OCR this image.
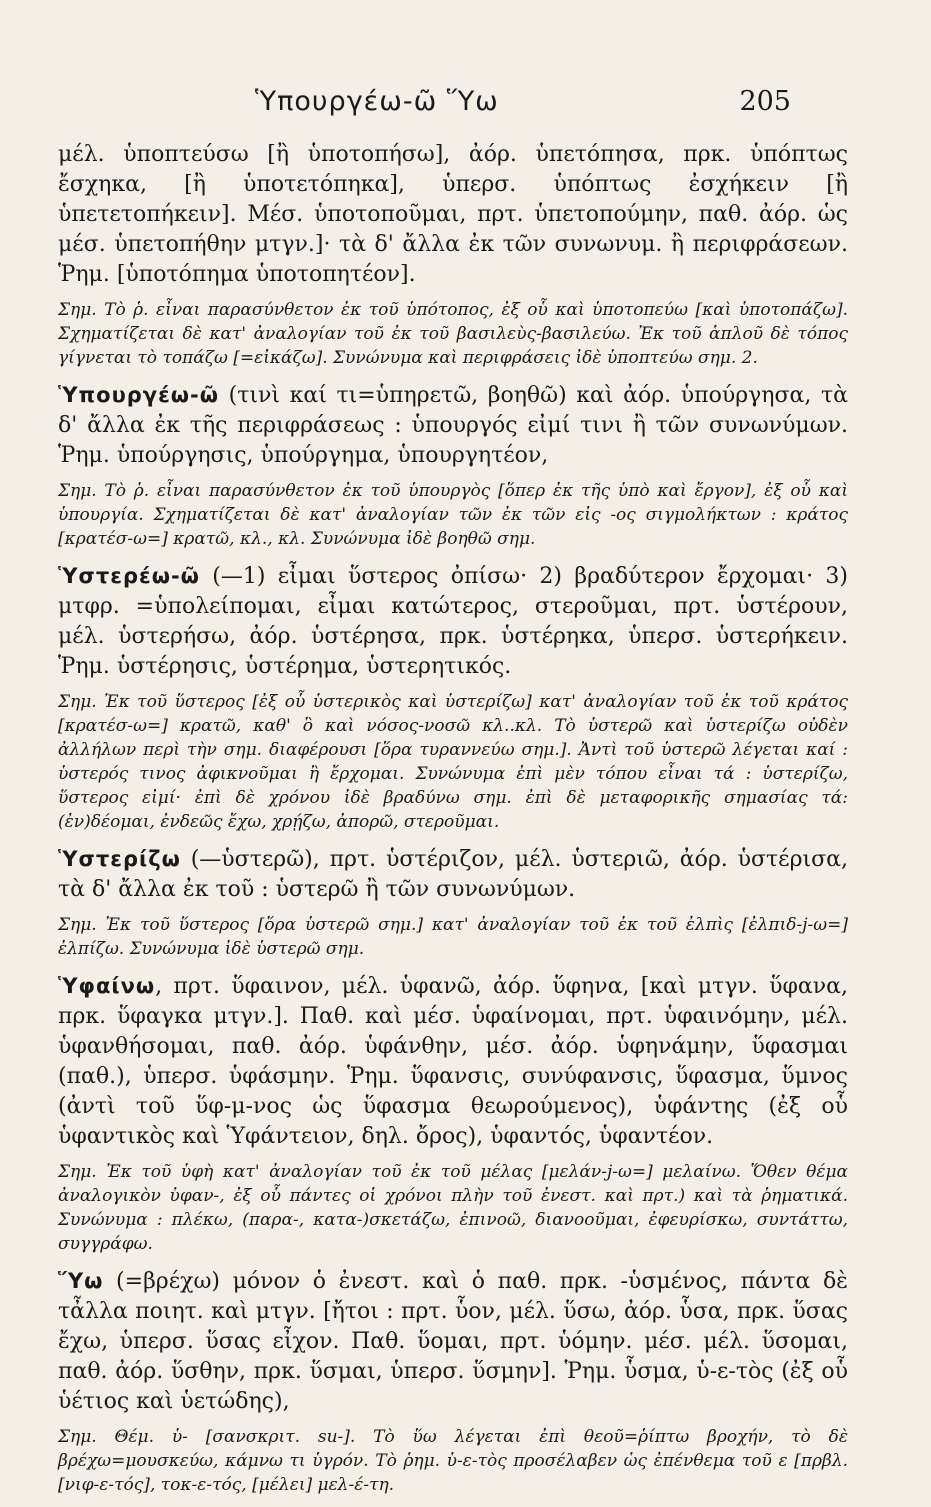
Ὑπουργέω-ῶ Ὕω	205

μέλ. ὑποπτεύσω [ἢ ὑποτοπήσω], ἀόρ. ὑπετόπησα, πρκ. ὑπόπτως ἔσχηκα, [ἢ ὑποτετόπηκα], ὑπερσ. ὑπόπτως ἐσχήκειν [ἢ ὑπετετοπήκειν]. Μέσ. ὑποτοποῦμαι, πρτ. ὑπετοπούμην, παθ. ἀόρ. ὡς μέσ. ὑπετοπήθην μτγν.]· τὰ δ' ἄλλα ἐκ τῶν συνωνυμ. ἢ περιφράσεων. Ῥημ. [ὑποτόπημα ὑποτοπητέον].

Σημ. Τὸ ῥ. εἶναι παρασύνθετον ἐκ τοῦ ὑπότοπος, ἐξ οὗ καὶ ὑποτοπεύω [καὶ ὑποτοπάζω]. Σχηματίζεται δὲ κατ' ἀναλογίαν τοῦ ἐκ τοῦ βασιλεὺς-βασιλεύω. Ἐκ τοῦ ἁπλοῦ δὲ τόπος γίγνεται τὸ τοπάζω [=εἰκάζω]. Συνώνυμα καὶ περιφράσεις ἰδὲ ὑποπτεύω σημ. 2.

Ὑπουργέω-ῶ (τινὶ καί τι=ὑπηρετῶ, βοηθῶ) καὶ ἀόρ. ὑπούργησα, τὰ δ' ἄλλα ἐκ τῆς περιφράσεως : ὑπουργός εἰμί τινι ἢ τῶν συνωνύμων. Ῥημ. ὑπούργησις, ὑπούργημα, ὑπουργητέον,

Σημ. Τὸ ῥ. εἶναι παρασύνθετον ἐκ τοῦ ὑπουργὸς [ὅπερ ἐκ τῆς ὑπὸ καὶ ἔργον], ἐξ οὗ καὶ ὑπουργία. Σχηματίζεται δὲ κατ' ἀναλογίαν τῶν ἐκ τῶν εἰς -ος σιγμολήκτων : κράτος [κρατέσ-ω=] κρατῶ, κλ., κλ. Συνώνυμα ἰδὲ βοηθῶ σημ.

Ὑστερέω-ῶ (—1) εἶμαι ὕστερος ὀπίσω· 2) βραδύτερον ἔρχομαι· 3) μτφρ. =ὑπολείπομαι, εἶμαι κατώτερος, στεροῦμαι, πρτ. ὑστέρουν, μέλ. ὑστερήσω, ἀόρ. ὑστέρησα, πρκ. ὑστέρηκα, ὑπερσ. ὑστερήκειν. Ῥημ. ὑστέρησις, ὑστέρημα, ὑστερητικός.

Σημ. Ἐκ τοῦ ὕστερος [ἐξ οὗ ὑστερικὸς καὶ ὑστερίζω] κατ' ἀναλογίαν τοῦ ἐκ τοῦ κράτος [κρατέσ-ω=] κρατῶ, καθ' ὃ καὶ νόσος-νοσῶ κλ..κλ. Τὸ ὑστερῶ καὶ ὑστερίζω οὐδὲν ἀλλήλων περὶ τὴν σημ. διαφέρουσι [ὅρα τυραννεύω σημ.]. Ἀντὶ τοῦ ὑστερῶ λέγεται καί : ὑστερός τινος ἀφικνοῦμαι ἢ ἔρχομαι. Συνώνυμα ἐπὶ μὲν τόπου εἶναι τά : ὑστερίζω, ὕστερος εἰμί· ἐπὶ δὲ χρόνου ἰδὲ βραδύνω σημ. ἐπὶ δὲ μεταφορικῆς σημασίας τά: (ἐν)δέομαι, ἐνδεῶς ἔχω, χρῄζω, ἀπορῶ, στεροῦμαι.

Ὑστερίζω (—ὑστερῶ), πρτ. ὑστέριζον, μέλ. ὑστεριῶ, ἀόρ. ὑστέρισα, τὰ δ' ἄλλα ἐκ τοῦ : ὑστερῶ ἢ τῶν συνωνύμων.

Σημ. Ἐκ τοῦ ὕστερος [ὅρα ὑστερῶ σημ.] κατ' ἀναλογίαν τοῦ ἐκ τοῦ ἐλπὶς [ἐλπιδ-j-ω=] ἐλπίζω. Συνώνυμα ἰδὲ ὑστερῶ σημ.

Ὑφαίνω, πρτ. ὕφαινον, μέλ. ὑφανῶ, ἀόρ. ὕφηνα, [καὶ μτγν. ὕφανα, πρκ. ὕφαγκα μτγν.]. Παθ. καὶ μέσ. ὑφαίνομαι, πρτ. ὑφαινόμην, μέλ. ὑφανθήσομαι, παθ. ἀόρ. ὑφάνθην, μέσ. ἀόρ. ὑφηνάμην, ὕφασμαι (παθ.), ὑπερσ. ὑφάσμην. Ῥημ. ὕφανσις, συνύφανσις, ὕφασμα, ὕμνος (ἀντὶ τοῦ ὕφ-μ-νος ὡς ὕφασμα θεωρούμενος), ὑφάντης (ἐξ οὗ ὑφαντικὸς καὶ Ὑφάντειον, δηλ. ὄρος), ὑφαντός, ὑφαντέον.

Σημ. Ἐκ τοῦ ὑφὴ κατ' ἀναλογίαν τοῦ ἐκ τοῦ μέλας [μελάν-j-ω=] μελαίνω. Ὅθεν θέμα ἀναλογικὸν ὑφαν-, ἐξ οὗ πάντες οἱ χρόνοι πλὴν τοῦ ἐνεστ. καὶ πρτ.) καὶ τὰ ῥηματικά. Συνώνυμα : πλέκω, (παρα-, κατα-)σκετάζω, ἐπινοῶ, διανοοῦμαι, ἐφευρίσκω, συντάττω, συγγράφω.

Ὕω (=βρέχω) μόνον ὁ ἐνεστ. καὶ ὁ παθ. πρκ. -ὑσμένος, πάντα δὲ τἆλλα ποιητ. καὶ μτγν. [ἤτοι : πρτ. ὗον, μέλ. ὕσω, ἀόρ. ὗσα, πρκ. ὕσας ἔχω, ὑπερσ. ὕσας εἶχον. Παθ. ὕομαι, πρτ. ὑόμην. μέσ. μέλ. ὕσομαι, παθ. ἀόρ. ὕσθην, πρκ. ὕσμαι, ὑπερσ. ὕσμην]. Ῥημ. ὗσμα, ὑ-ε-τὸς (ἐξ οὗ ὑέτιος καὶ ὑετώδης),

Σημ. Θέμ. ὑ- [σανσκριτ. su-]. Τὸ ὕω λέγεται ἐπὶ θεοῦ=ῥίπτω βροχήν, τὸ δὲ βρέχω=μουσκεύω, κάμνω τι ὑγρόν. Τὸ ῥημ. ὑ-ε-τὸς προσέλαβεν ὡς ἐπένθεμα τοῦ ε [πρβλ. [νιφ-ε-τός], τοκ-ε-τός, [μέλει] μελ-έ-τη.
